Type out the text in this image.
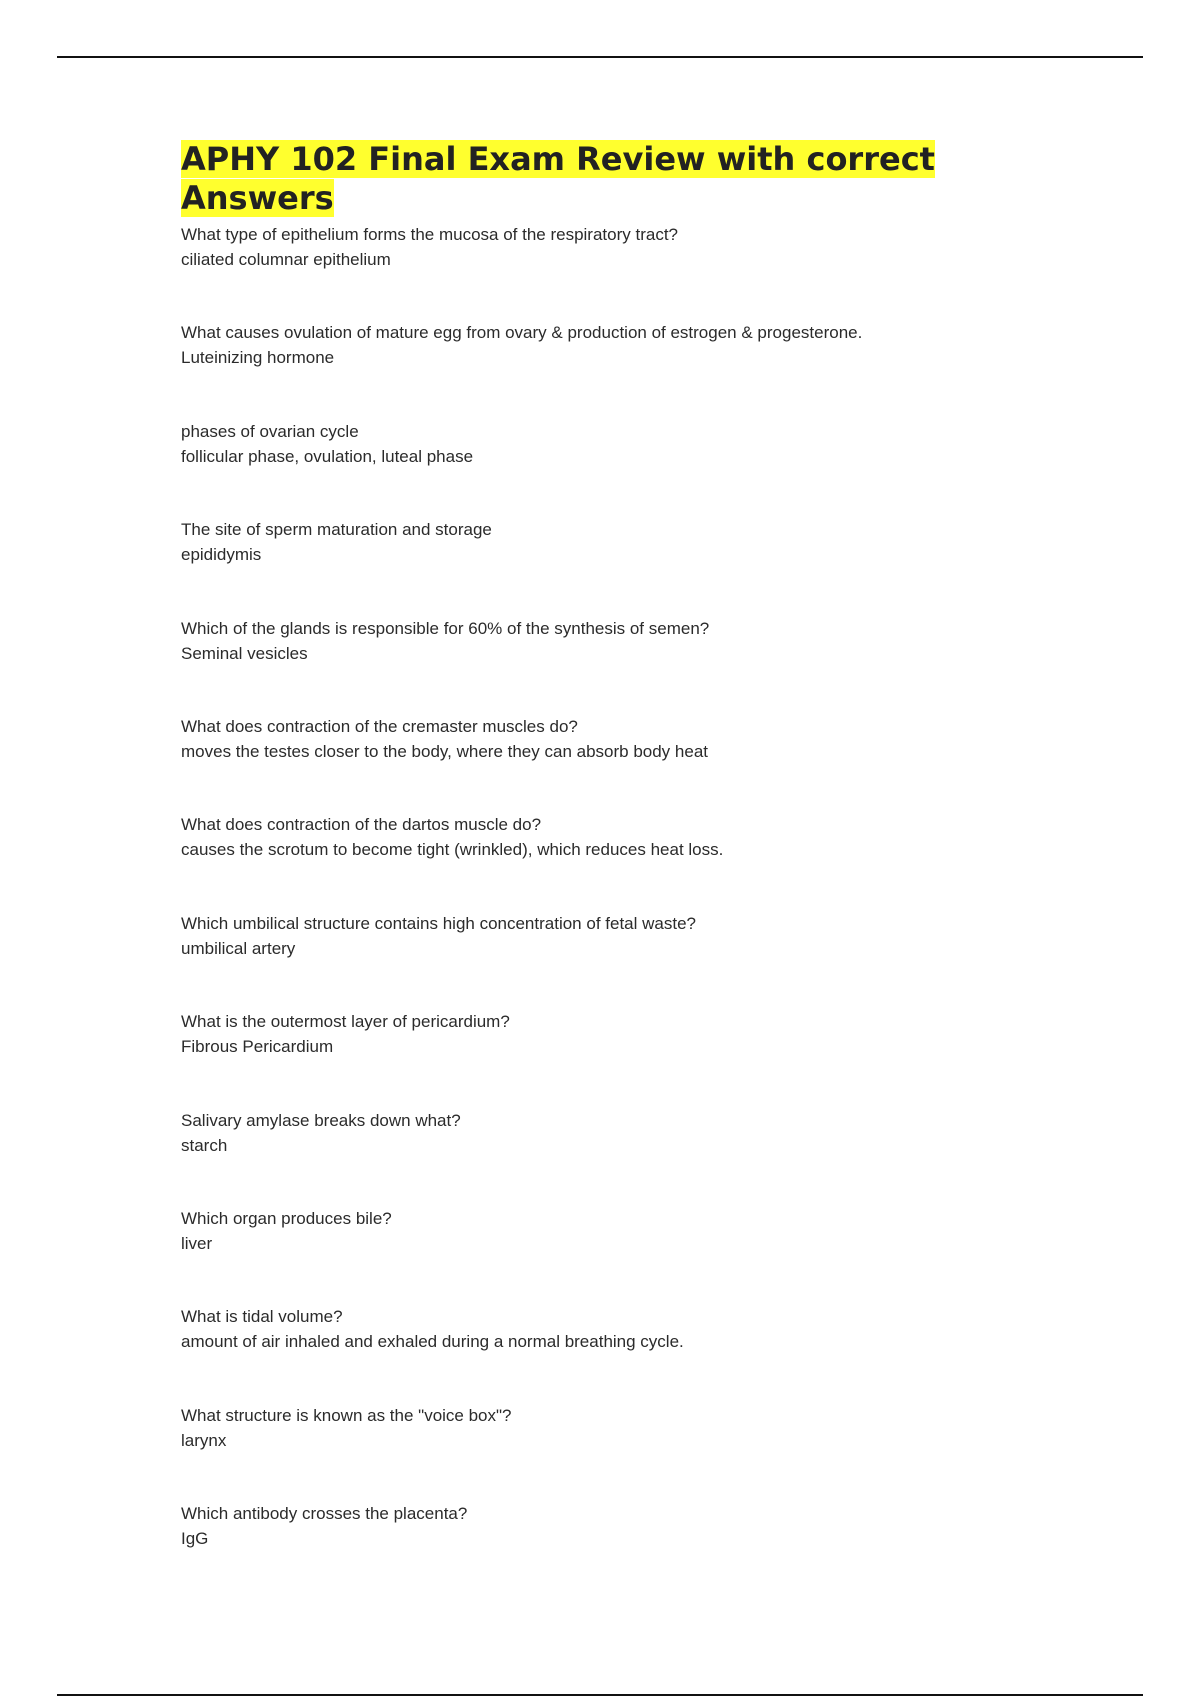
APHY 102 Final Exam Review with correct Answers
What type of epithelium forms the mucosa of the respiratory tract?
ciliated columnar epithelium
What causes ovulation of mature egg from ovary & production of estrogen & progesterone.
Luteinizing hormone
phases of ovarian cycle
follicular phase, ovulation, luteal phase
The site of sperm maturation and storage
epididymis
Which of the glands is responsible for 60% of the synthesis of semen?
Seminal vesicles
What does contraction of the cremaster muscles do?
moves the testes closer to the body, where they can absorb body heat
What does contraction of the dartos muscle do?
causes the scrotum to become tight (wrinkled), which reduces heat loss.
Which umbilical structure contains high concentration of fetal waste?
umbilical artery
What is the outermost layer of pericardium?
Fibrous Pericardium
Salivary amylase breaks down what?
starch
Which organ produces bile?
liver
What is tidal volume?
amount of air inhaled and exhaled during a normal breathing cycle.
What structure is known as the "voice box"?
larynx
Which antibody crosses the placenta?
IgG
